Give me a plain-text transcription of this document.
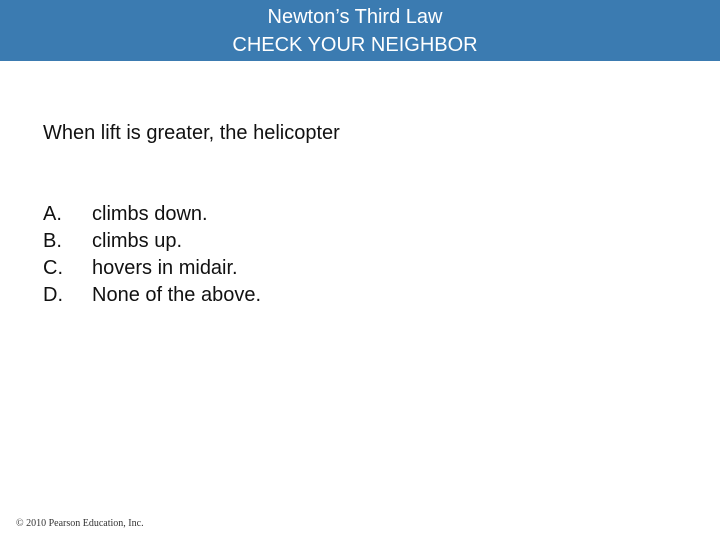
Newton’s Third Law
CHECK YOUR NEIGHBOR
When lift is greater, the helicopter
A.	climbs down.
B.	climbs up.
C.	hovers in midair.
D.	None of the above.
© 2010 Pearson Education, Inc.
